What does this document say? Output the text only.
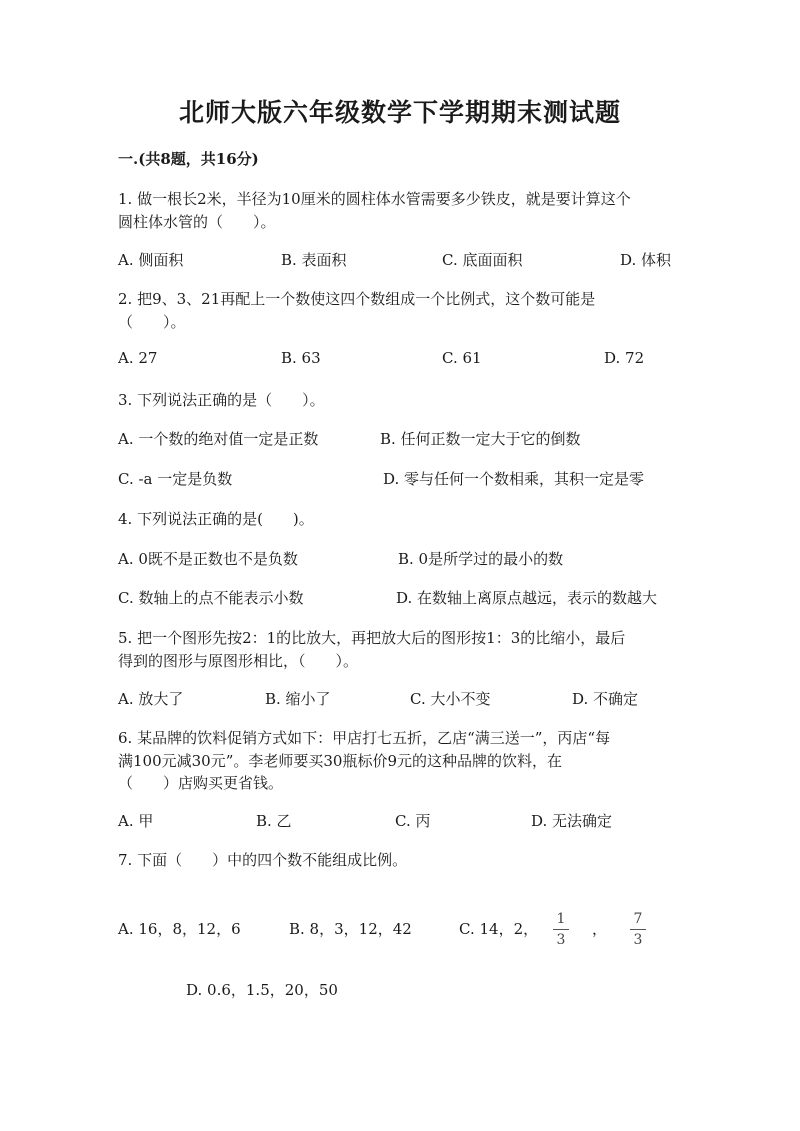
北师大版六年级数学下学期期末测试题
一.(共8题，共16分)
1. 做一根长2米，半径为10厘米的圆柱体水管需要多少铁皮，就是要计算这个
圆柱体水管的（　　）。
A. 侧面积	B. 表面积	C. 底面面积	D. 体积
2. 把9、3、21再配上一个数使这四个数组成一个比例式，这个数可能是
（　　）。
A. 27	B. 63	C. 61	D. 72
3. 下列说法正确的是（　　）。
A. 一个数的绝对值一定是正数	B. 任何正数一定大于它的倒数
C. -a 一定是负数	D. 零与任何一个数相乘，其积一定是零
4. 下列说法正确的是(　　)。
A. 0既不是正数也不是负数	B. 0是所学过的最小的数
C. 数轴上的点不能表示小数	D. 在数轴上离原点越远，表示的数越大
5. 把一个图形先按2：1的比放大，再把放大后的图形按1：3的比缩小，最后
得到的图形与原图形相比，（　　）。
A. 放大了	B. 缩小了	C. 大小不变	D. 不确定
6. 某品牌的饮料促销方式如下：甲店打七五折，乙店“满三送一”，丙店“每
满100元减30元”。李老师要买30瓶标价9元的这种品牌的饮料，在
（　　）店购买更省钱。
A. 甲	B. 乙	C. 丙	D. 无法确定
7. 下面（　　）中的四个数不能组成比例。
A. 16，8，12，6	B. 8，3，12，42	C. 14，2，
1
3
，
7
3
D. 0.6，1.5，20，50
